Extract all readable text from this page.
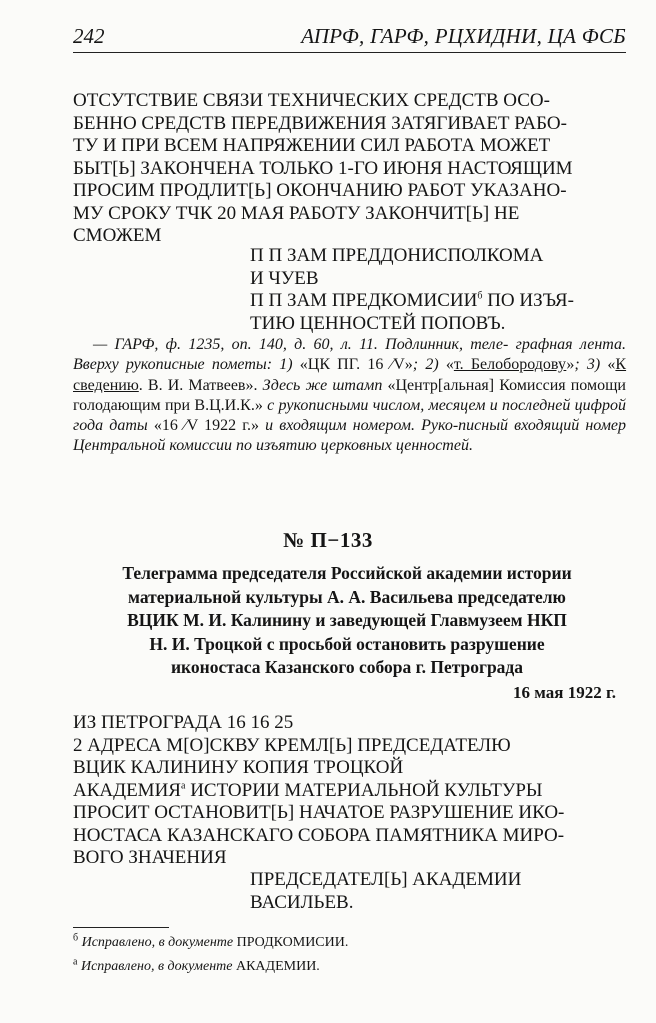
242	АПРФ, ГАРФ, РЦХИДНИ, ЦА ФСБ
ОТСУТСТВИЕ СВЯЗИ ТЕХНИЧЕСКИХ СРЕДСТВ ОСО-
БЕННО СРЕДСТВ ПЕРЕДВИЖЕНИЯ ЗАТЯГИВАЕТ РАБО-
ТУ И ПРИ ВСЕМ НАПРЯЖЕНИИ СИЛ РАБОТА МОЖЕТ
БЫТ[Ь] ЗАКОНЧЕНА ТОЛЬКО 1-ГО ИЮНЯ НАСТОЯЩИМ
ПРОСИМ ПРОДЛИТ[Ь] ОКОНЧАНИЮ РАБОТ УКАЗАНО-
МУ СРОКУ ТЧК 20 МАЯ РАБОТУ ЗАКОНЧИТ[Ь] НЕ
СМОЖЕМ
П П ЗАМ ПРЕДДОНИСПОЛКОМА
И ЧУЕВ
П П ЗАМ $ПРЕДКОМИСИИ^б$ ПО ИЗЪЯ-
ТИЮ ЦЕННОСТЕЙ ПОПОВЪ.
— ГАРФ, ф. 1235, оп. 140, д. 60, л. 11. Подлинник, теле- графная лента. Вверху рукописные пометы: 1) «ЦК ПГ. 16 ∕V»; 2) «т. Белобородову»; 3) «К сведению. В. И. Матвеев». Здесь же штамп «Центр[альная] Комиссия помощи голодающим при В.Ц.И.К.» с рукописными числом, месяцем и последней цифрой года даты «16 ∕V 1922 г.» и входящим номером. Руко-писный входящий номер Центральной комиссии по изъятию церковных ценностей.
№ П−133
Телеграмма председателя Российской академии истории
материальной культуры А. А. Васильева председателю
ВЦИК М. И. Калинину и заведующей Главмузеем НКП
Н. И. Троцкой с просьбой остановить разрушение
иконостаса Казанского собора г. Петрограда
16 мая 1922 г.
ИЗ ПЕТРОГРАДА 16 16 25
2 АДРЕСА М[О]СКВУ КРЕМЛ[Ь] ПРЕДСЕДАТЕЛЮ
ВЦИК КАЛИНИНУ КОПИЯ ТРОЦКОЙ
$АКАДЕМИЯ^а$ ИСТОРИИ МАТЕРИАЛЬНОЙ КУЛЬТУРЫ
ПРОСИТ ОСТАНОВИТ[Ь] НАЧАТОЕ РАЗРУШЕНИЕ ИКО-
НОСТАСА КАЗАНСКАГО СОБОРА ПАМЯТНИКА МИРО-
ВОГО ЗНАЧЕНИЯ
ПРЕДСЕДАТЕЛ[Ь] АКАДЕМИИ
ВАСИЛЬЕВ.
$^б$ Исправлено, в документе ПРОДКОМИСИИ.
$^а$ Исправлено, в документе АКАДЕМИИ.
